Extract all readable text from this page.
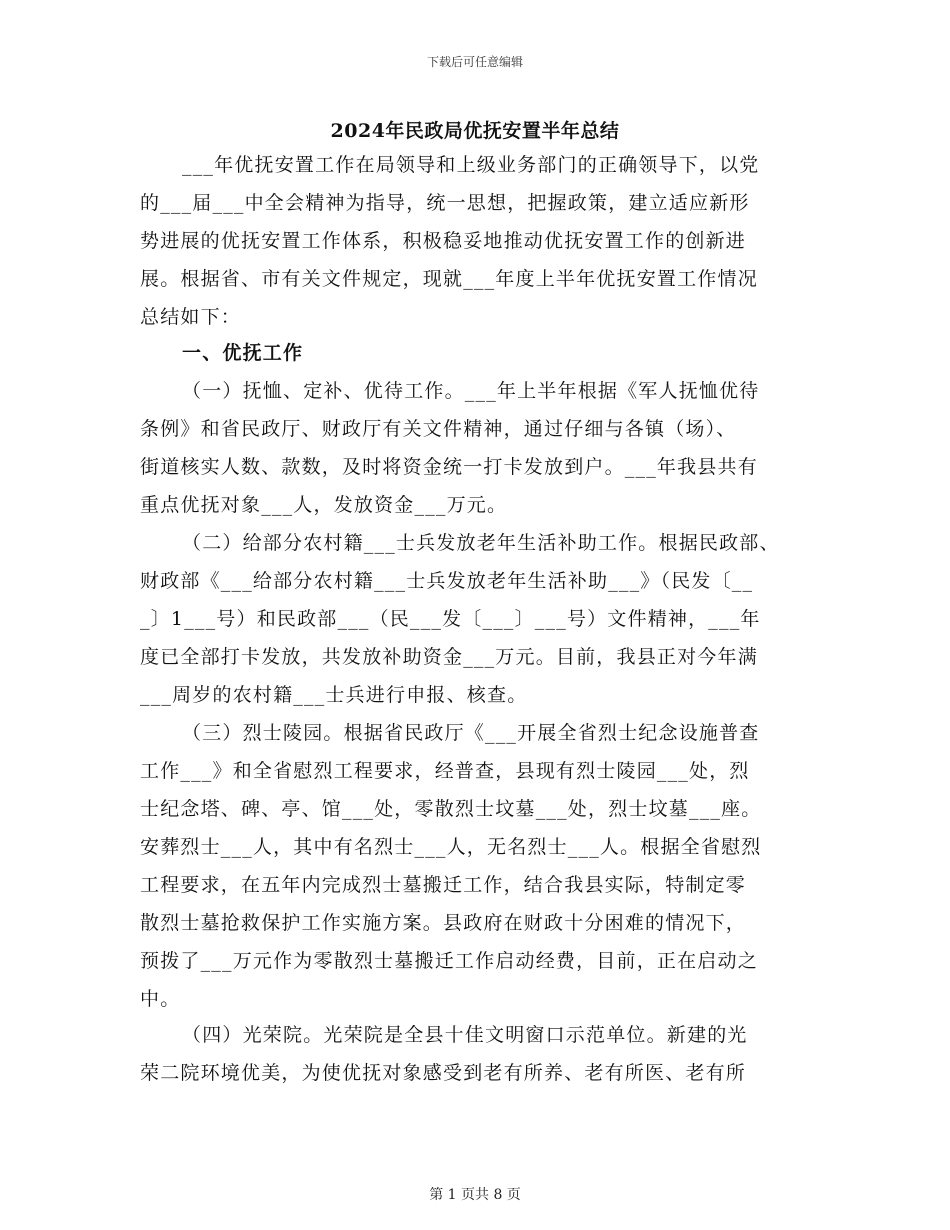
下载后可任意编辑
2024年民政局优抚安置半年总结
___年优抚安置工作在局领导和上级业务部门的正确领导下，以党
的___届___中全会精神为指导，统一思想，把握政策，建立适应新形
势进展的优抚安置工作体系，积极稳妥地推动优抚安置工作的创新进
展。根据省、市有关文件规定，现就___年度上半年优抚安置工作情况
总结如下：
一、优抚工作
（一）抚恤、定补、优待工作。___年上半年根据《军人抚恤优待
条例》和省民政厅、财政厅有关文件精神，通过仔细与各镇（场）、
街道核实人数、款数，及时将资金统一打卡发放到户。___年我县共有
重点优抚对象___人，发放资金___万元。
（二）给部分农村籍___士兵发放老年生活补助工作。根据民政部、
财政部《___给部分农村籍___士兵发放老年生活补助___》（民发〔__
_〕1___号）和民政部___（民___发〔___〕___号）文件精神，___年
度已全部打卡发放，共发放补助资金___万元。目前，我县正对今年满
___周岁的农村籍___士兵进行申报、核查。
（三）烈士陵园。根据省民政厅《___开展全省烈士纪念设施普查
工作___》和全省慰烈工程要求，经普查，县现有烈士陵园___处，烈
士纪念塔、碑、亭、馆___处，零散烈士坟墓___处，烈士坟墓___座。
安葬烈士___人，其中有名烈士___人，无名烈士___人。根据全省慰烈
工程要求，在五年内完成烈士墓搬迁工作，结合我县实际，特制定零
散烈士墓抢救保护工作实施方案。县政府在财政十分困难的情况下，
预拨了___万元作为零散烈士墓搬迁工作启动经费，目前，正在启动之
中。
（四）光荣院。光荣院是全县十佳文明窗口示范单位。新建的光
荣二院环境优美，为使优抚对象感受到老有所养、老有所医、老有所
第 1 页共 8 页
